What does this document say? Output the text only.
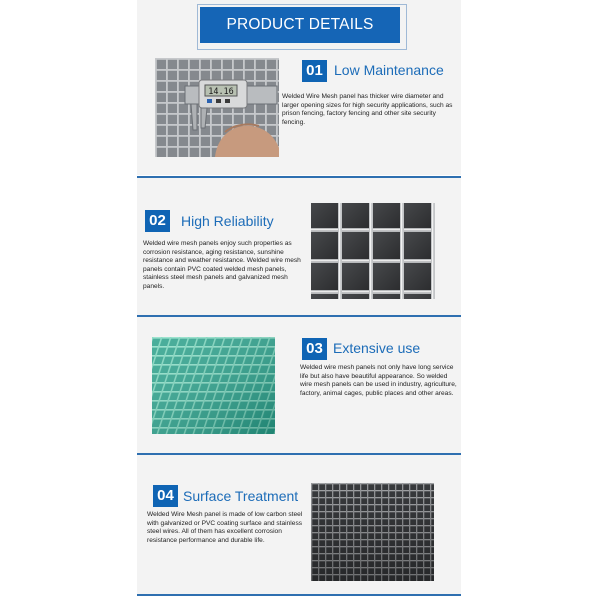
PRODUCT DETAILS
14.16
01 Low Maintenance
Welded Wire Mesh panel has thicker wire diameter and larger opening sizes for high security applications, such as prison fencing, factory fencing and other site security fencing.
02 High Reliability
Welded wire mesh panels enjoy such properties as corrosion resistance, aging resistance, sunshine resistance and weather resistance. Welded wire mesh panels contain PVC coated welded mesh panels, stainless steel mesh panels and galvanized mesh panels.
03 Extensive use
Welded wire mesh panels not only have long service life but also have beautiful appearance. So welded wire mesh panels can be used in industry, agriculture, factory, animal cages, public places and other areas.
04 Surface Treatment
Welded Wire Mesh panel is made of low carbon steel with galvanized or PVC coating surface and stainless steel wires. All of them has excellent corrosion resistance performance and durable life.
